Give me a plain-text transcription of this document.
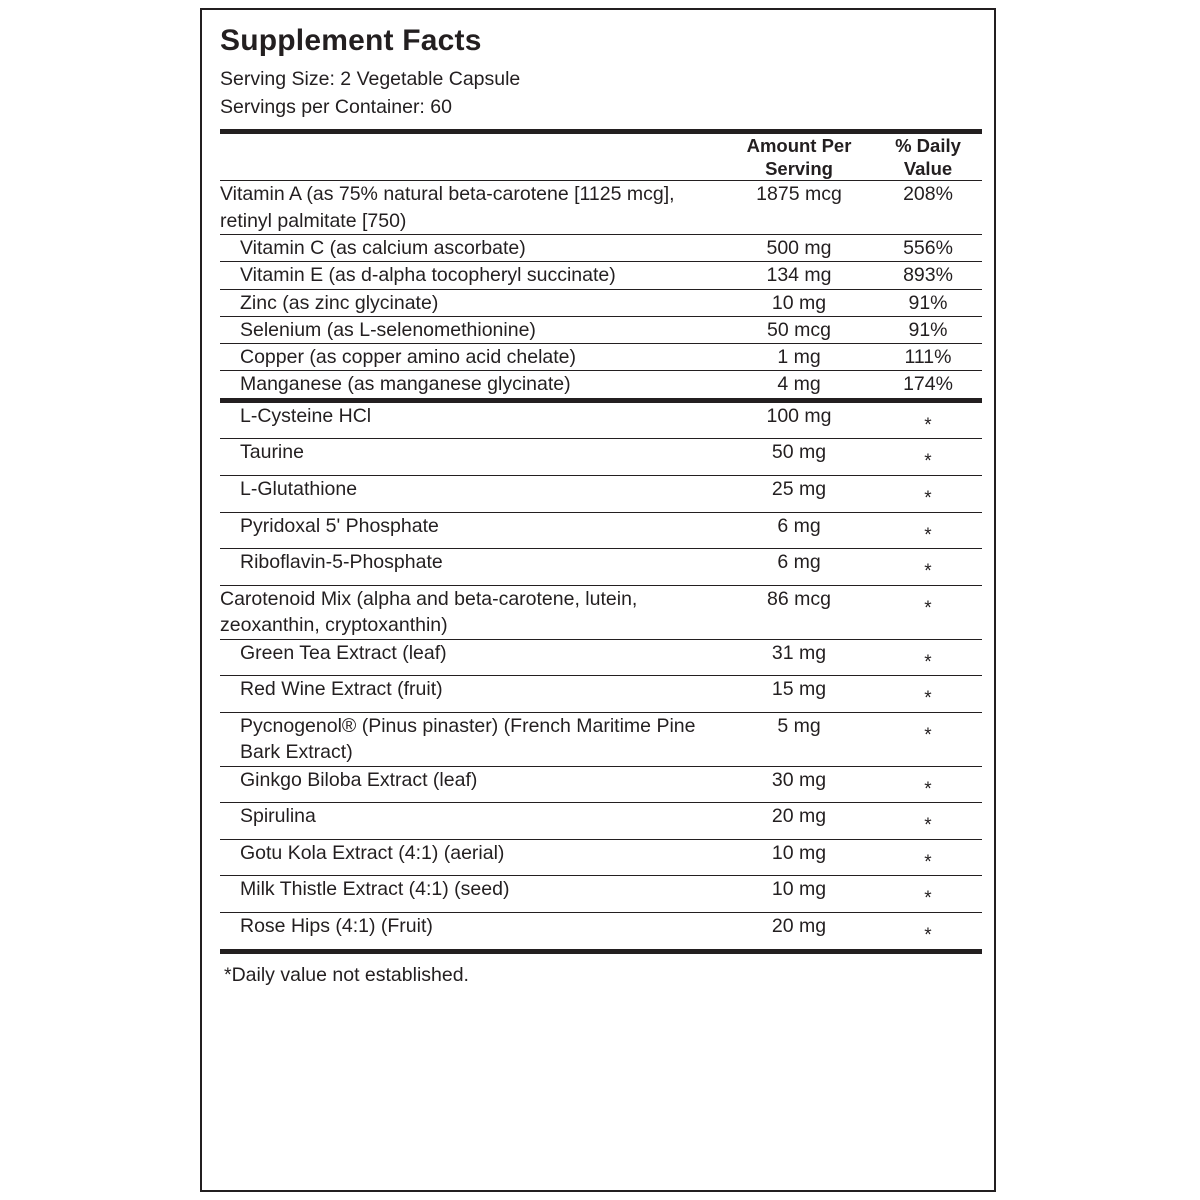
Supplement Facts
Serving Size: 2 Vegetable Capsule
Servings per Container: 60

Amount Per
Serving

% Daily
Value

Vitamin A (as 75% natural beta-carotene [1125 mcg], retinyl palmitate [750)	1875 mcg	208%
Vitamin C (as calcium ascorbate)	500 mg	556%
Vitamin E (as d-alpha tocopheryl succinate)	134 mg	893%
Zinc (as zinc glycinate)	10 mg	91%
Selenium (as L-selenomethionine)	50 mcg	91%
Copper (as copper amino acid chelate)	1 mg	111%
Manganese (as manganese glycinate)	4 mg	174%

L-Cysteine HCl	100 mg	*
Taurine	50 mg	*
L-Glutathione	25 mg	*
Pyridoxal 5' Phosphate	6 mg	*
Riboflavin-5-Phosphate	6 mg	*
Carotenoid Mix (alpha and beta-carotene, lutein, zeoxanthin, cryptoxanthin)	86 mcg	*
Green Tea Extract (leaf)	31 mg	*
Red Wine Extract (fruit)	15 mg	*
Pycnogenol® (Pinus pinaster) (French Maritime Pine Bark Extract)	5 mg	*
Ginkgo Biloba Extract (leaf)	30 mg	*
Spirulina	20 mg	*
Gotu Kola Extract (4:1) (aerial)	10 mg	*
Milk Thistle Extract (4:1) (seed)	10 mg	*
Rose Hips (4:1) (Fruit)	20 mg	*
*Daily value not established.
